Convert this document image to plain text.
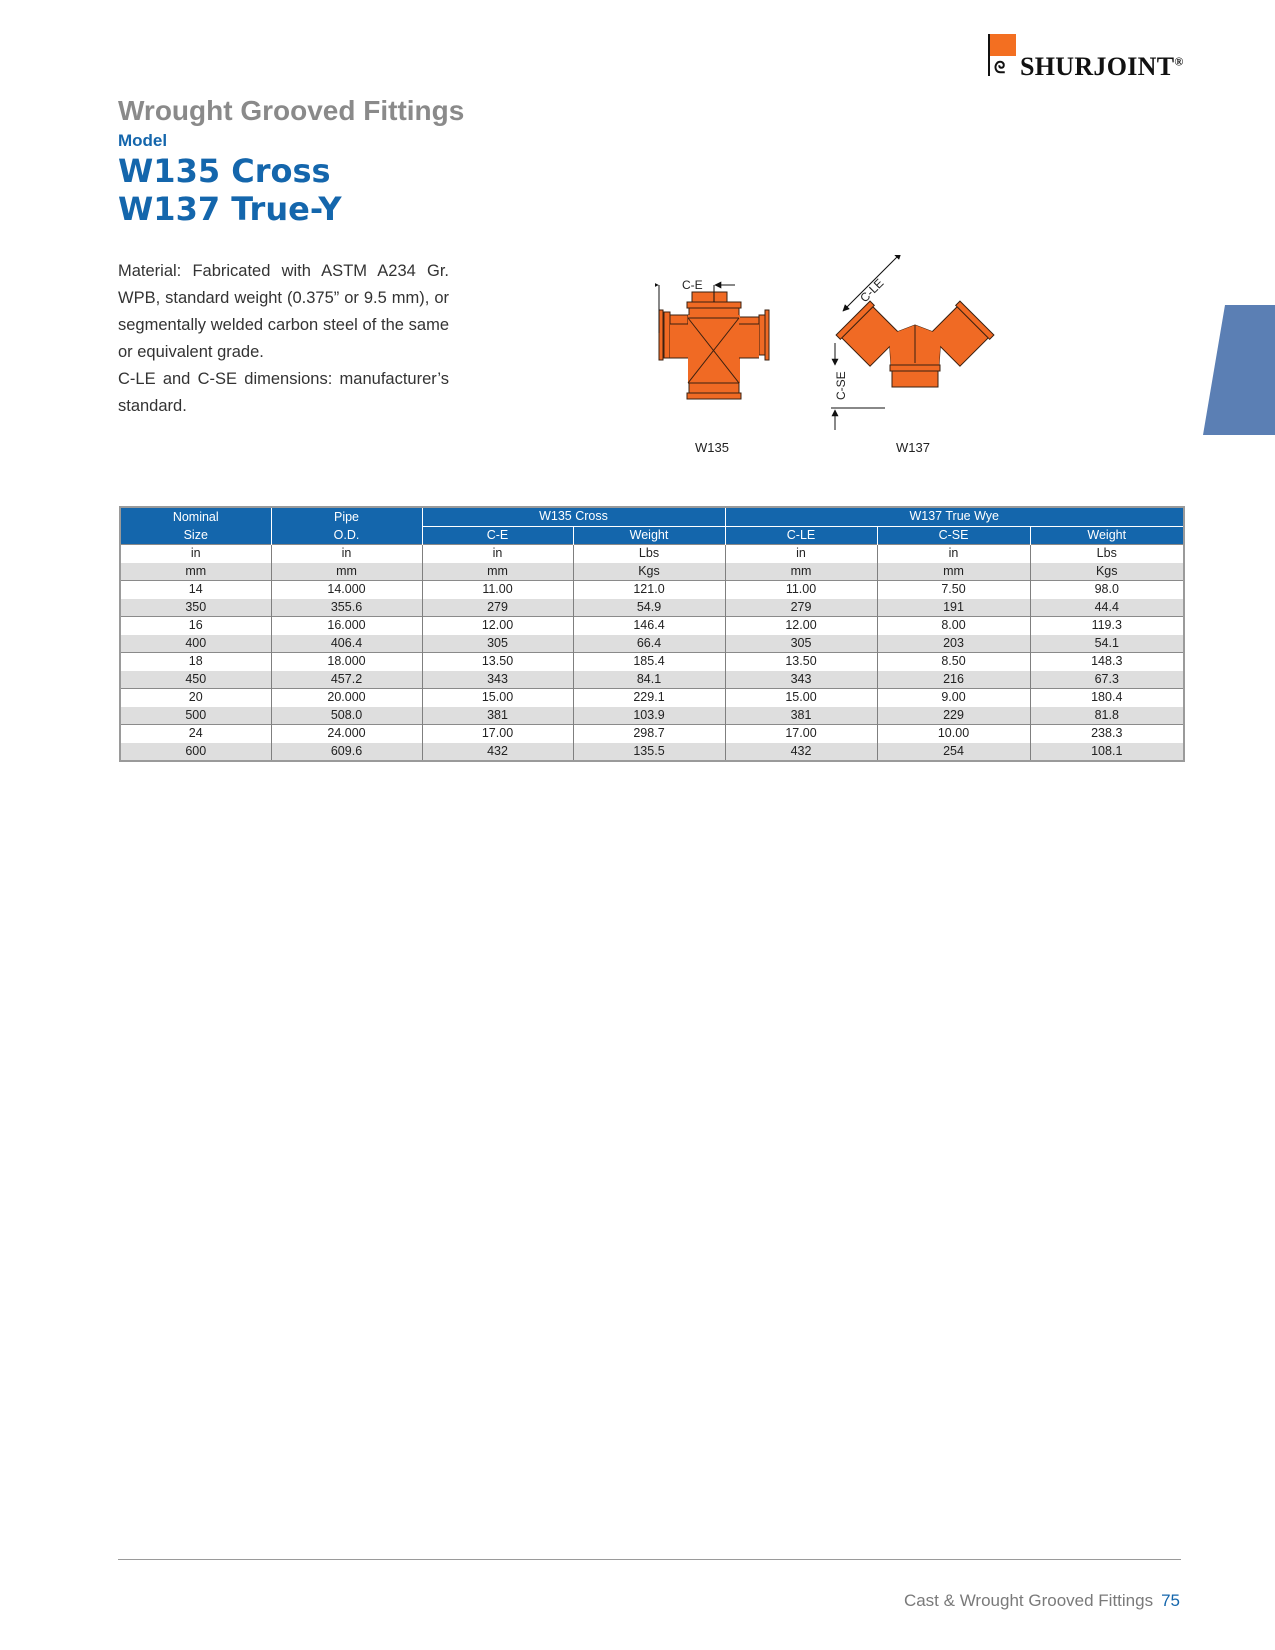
ᘓ SHURJOINT®
Wrought Grooved Fittings
Model
W135 Cross
W137 True-Y

Material: Fabricated with ASTM A234 Gr. WPB, standard weight (0.375” or 9.5 mm), or segmentally welded carbon steel of the same or equivalent grade.

C-LE and C-SE dimensions: manufacturer’s standard.

C-E
W135
C-LE
C-SE
W137
Nominal	Pipe	W135 Cross		W137 True Wye		
Size	O.D.	C-E	Weight	C-LE	C-SE	Weight
in	in	in	Lbs	in	in	Lbs
mm	mm	mm	Kgs	mm	mm	Kgs
14	14.000	11.00	121.0	11.00	7.50	98.0
350	355.6	279	54.9	279	191	44.4
16	16.000	12.00	146.4	12.00	8.00	119.3
400	406.4	305	66.4	305	203	54.1
18	18.000	13.50	185.4	13.50	8.50	148.3
450	457.2	343	84.1	343	216	67.3
20	20.000	15.00	229.1	15.00	9.00	180.4
500	508.0	381	103.9	381	229	81.8
24	24.000	17.00	298.7	17.00	10.00	238.3
600	609.6	432	135.5	432	254	108.1
Cast & Wrought Grooved Fittings 75
